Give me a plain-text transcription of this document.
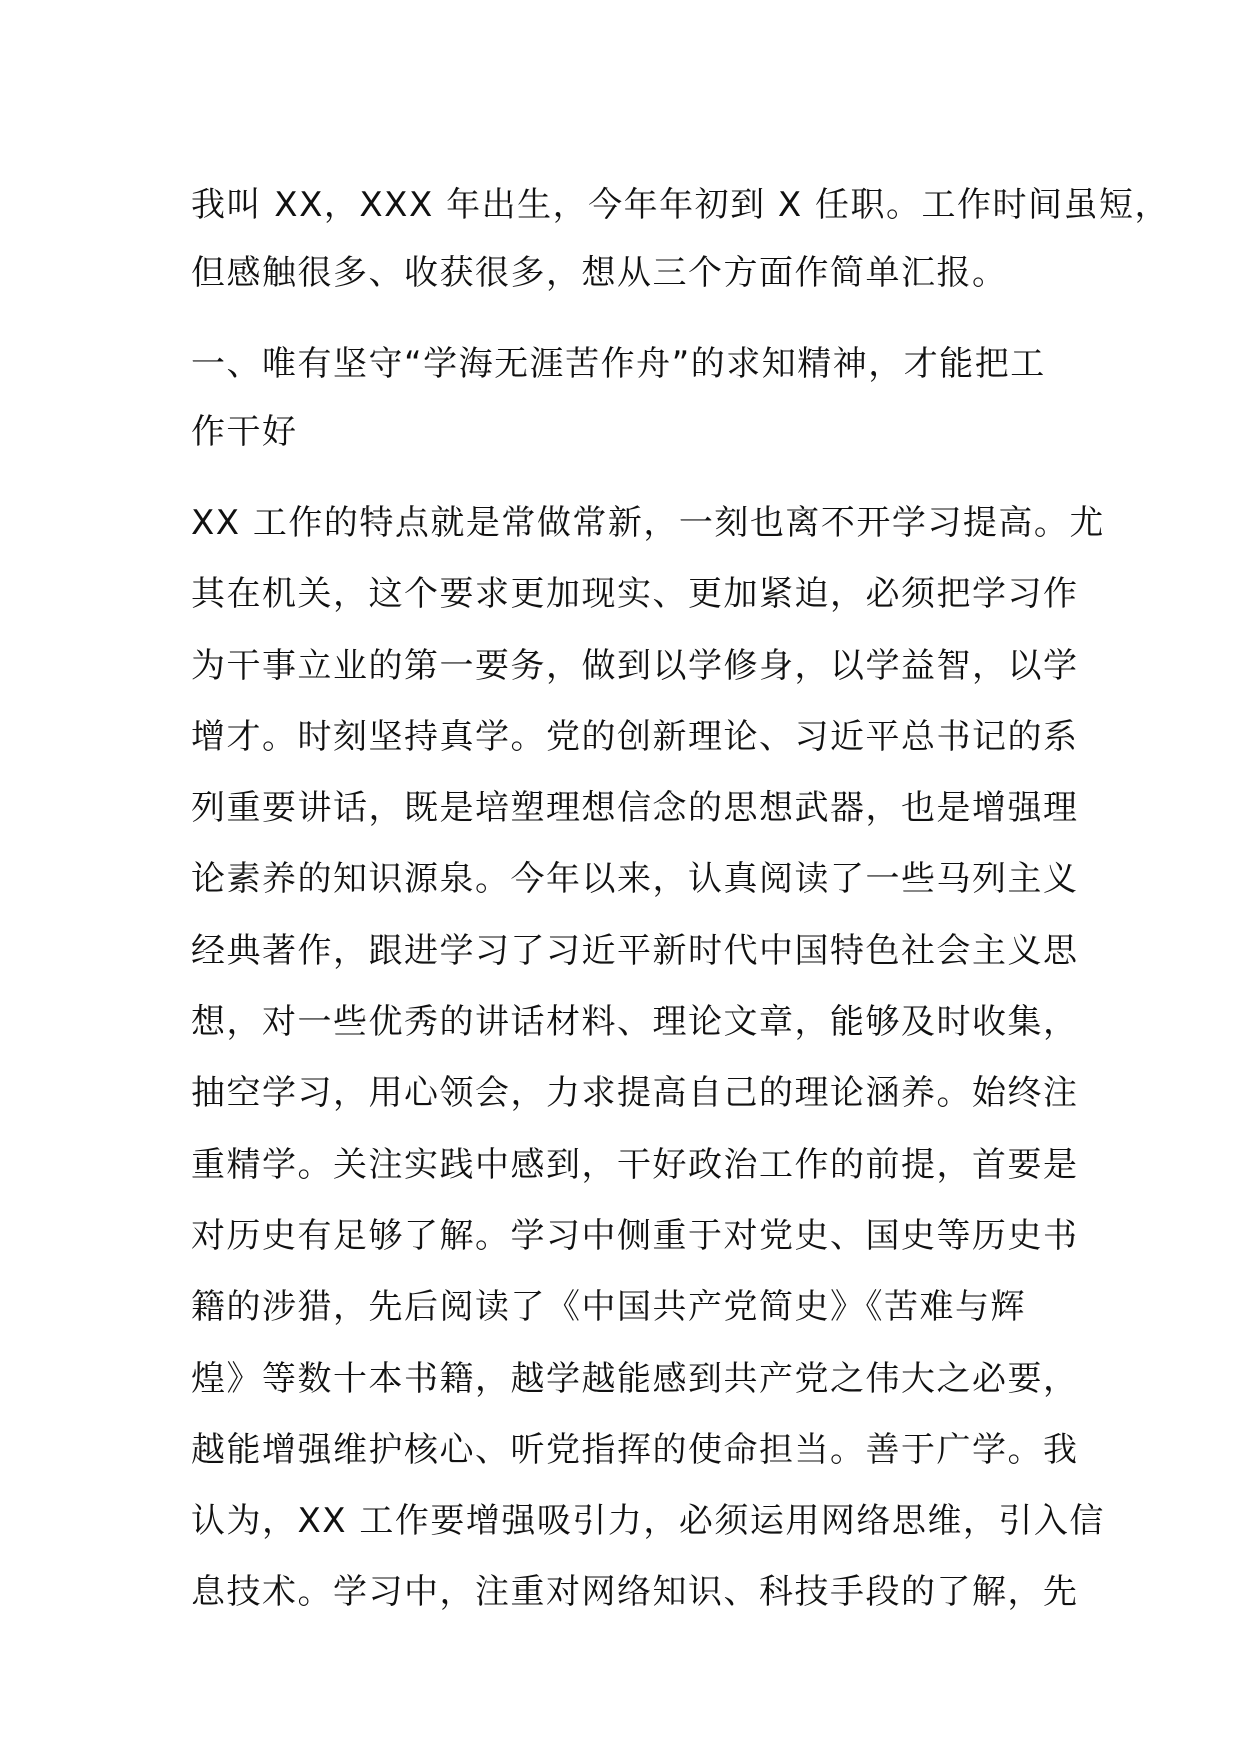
我叫 XX，XXX 年出生，今年年初到 X 任职。工作时间虽短，
但感触很多、收获很多，想从三个方面作简单汇报。

一、唯有坚守“学海无涯苦作舟”的求知精神，才能把工
作干好

XX 工作的特点就是常做常新，一刻也离不开学习提高。尤
其在机关，这个要求更加现实、更加紧迫，必须把学习作
为干事立业的第一要务，做到以学修身，以学益智，以学
增才。时刻坚持真学。党的创新理论、习近平总书记的系
列重要讲话，既是培塑理想信念的思想武器，也是增强理
论素养的知识源泉。今年以来，认真阅读了一些马列主义
经典著作，跟进学习了习近平新时代中国特色社会主义思
想，对一些优秀的讲话材料、理论文章，能够及时收集，
抽空学习，用心领会，力求提高自己的理论涵养。始终注
重精学。关注实践中感到，干好政治工作的前提，首要是
对历史有足够了解。学习中侧重于对党史、国史等历史书
籍的涉猎，先后阅读了《中国共产党简史》《苦难与辉
煌》等数十本书籍，越学越能感到共产党之伟大之必要，
越能增强维护核心、听党指挥的使命担当。善于广学。我
认为，XX 工作要增强吸引力，必须运用网络思维，引入信
息技术。学习中，注重对网络知识、科技手段的了解，先
